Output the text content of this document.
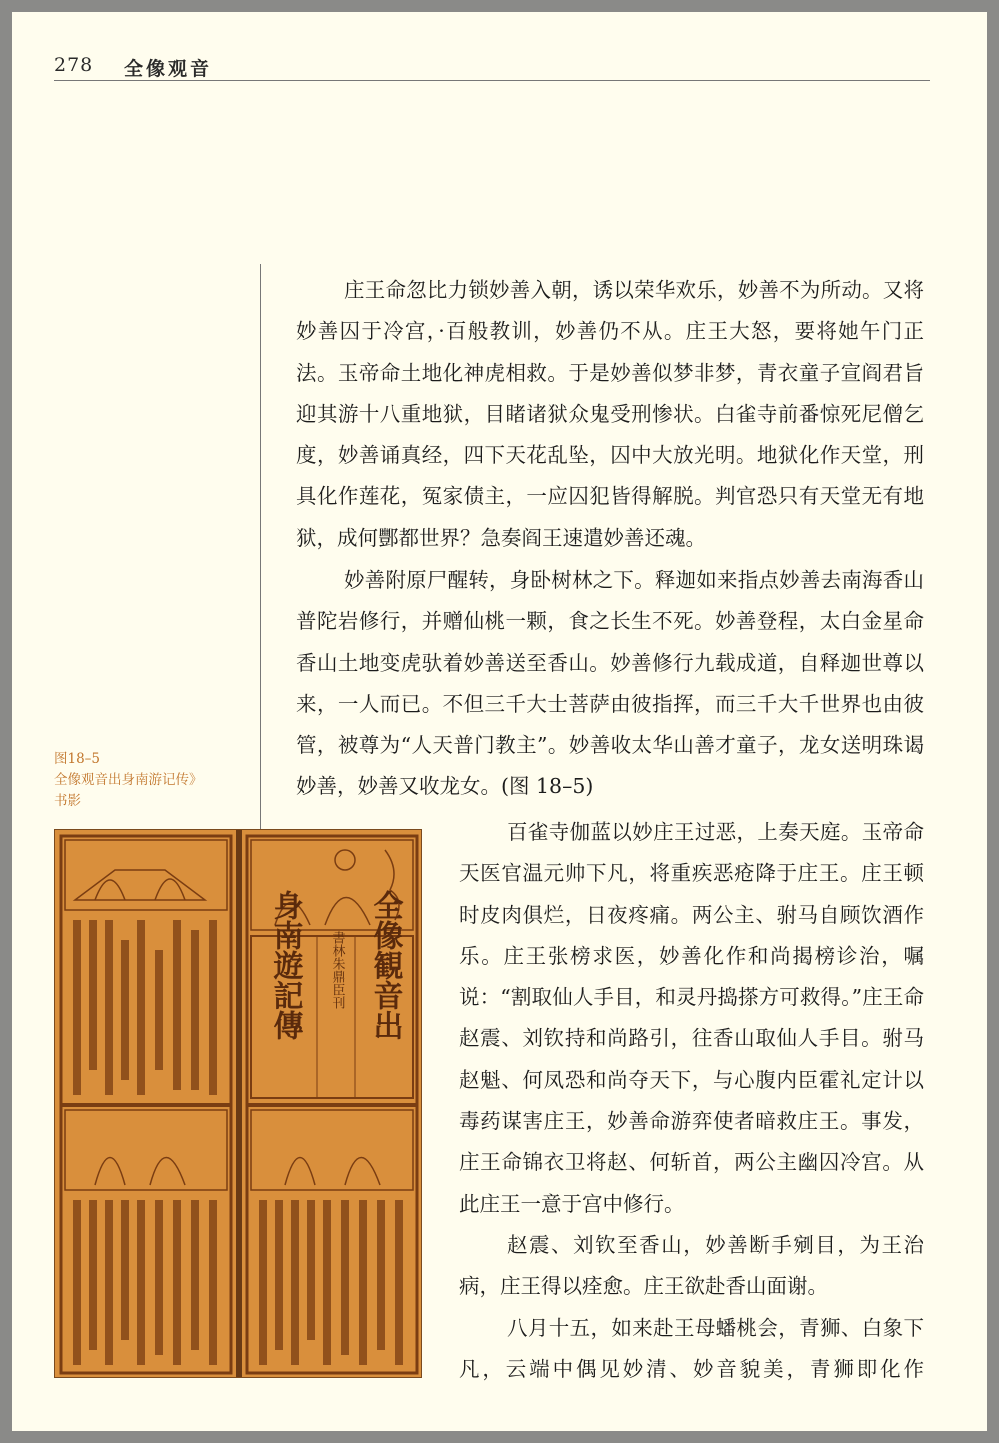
278 全像观音
图18–5
全像观音出身南游记传》
书影
全像観音出
身南遊記傳 書林朱鼎臣刊

庄王命忽比力锁妙善入朝，诱以荣华欢乐，妙善不为所动。又将妙善囚于冷宫，·百般教训，妙善仍不从。庄王大怒，要将她午门正法。玉帝命土地化神虎相救。于是妙善似梦非梦，青衣童子宣阎君旨迎其游十八重地狱，目睹诸狱众鬼受刑惨状。白雀寺前番惊死尼僧乞度，妙善诵真经，四下天花乱坠，囚中大放光明。地狱化作天堂，刑具化作莲花，冤家债主，一应囚犯皆得解脱。判官恐只有天堂无有地狱，成何酆都世界？急奏阎王速遣妙善还魂。

妙善附原尸醒转，身卧树林之下。释迦如来指点妙善去南海香山普陀岩修行，并赠仙桃一颗，食之长生不死。妙善登程，太白金星命香山土地变虎驮着妙善送至香山。妙善修行九载成道，自释迦世尊以来，一人而已。不但三千大士菩萨由彼指挥，而三千大千世界也由彼管，被尊为“人天普门教主”。妙善收太华山善才童子，龙女送明珠谒妙善，妙善又收龙女。(图 18–5)

百雀寺伽蓝以妙庄王过恶，上奏天庭。玉帝命天医官温元帅下凡，将重疾恶疮降于庄王。庄王顿时皮肉俱烂，日夜疼痛。两公主、驸马自顾饮酒作乐。庄王张榜求医，妙善化作和尚揭榜诊治，嘱说：“割取仙人手目，和灵丹捣搽方可救得。”庄王命赵震、刘钦持和尚路引，往香山取仙人手目。驸马赵魁、何凤恐和尚夺天下，与心腹内臣霍礼定计以毒药谋害庄王，妙善命游弈使者暗救庄王。事发，庄王命锦衣卫将赵、何斩首，两公主幽囚冷宫。从此庄王一意于宫中修行。

赵震、刘钦至香山，妙善断手剜目，为王治病，庄王得以痊愈。庄王欲赴香山面谢。

八月十五，如来赴王母蟠桃会，青狮、白象下凡，云端中偶见妙清、妙音貌美，青狮即化作
